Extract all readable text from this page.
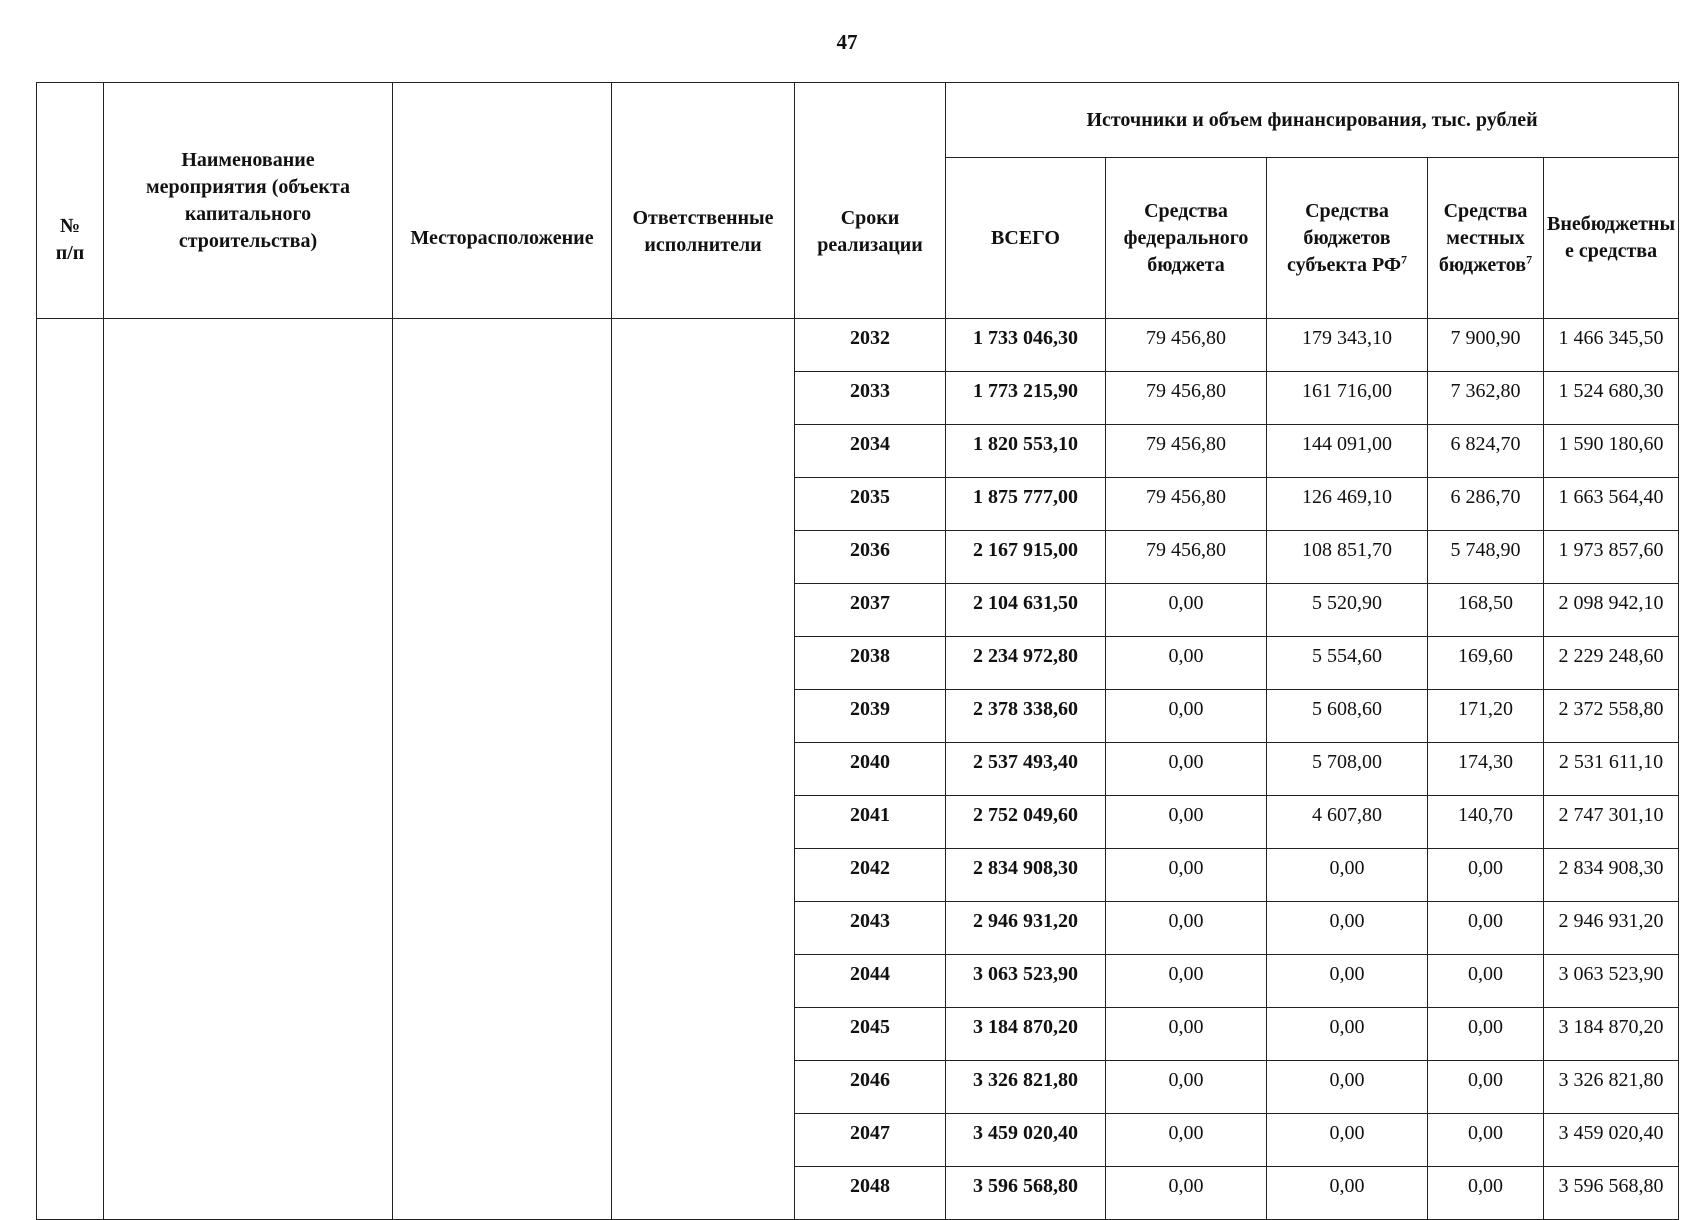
47
№
п/п	Наименование мероприятия (объекта капитального строительства)	Месторасположение	Ответственные исполнители	Сроки реализации	Источники и объем финансирования, тыс. рублей				
					ВСЕГО	Средства федерального бюджета	Средства бюджетов субъекта $РФ^7$	Средства местных бюджетов$^7$	Внебюджетные средства
				2032	1 733 046,30	79 456,80	179 343,10	7 900,90	1 466 345,50
				2033	1 773 215,90	79 456,80	161 716,00	7 362,80	1 524 680,30
				2034	1 820 553,10	79 456,80	144 091,00	6 824,70	1 590 180,60
				2035	1 875 777,00	79 456,80	126 469,10	6 286,70	1 663 564,40
				2036	2 167 915,00	79 456,80	108 851,70	5 748,90	1 973 857,60
				2037	2 104 631,50	0,00	5 520,90	168,50	2 098 942,10
				2038	2 234 972,80	0,00	5 554,60	169,60	2 229 248,60
				2039	2 378 338,60	0,00	5 608,60	171,20	2 372 558,80
				2040	2 537 493,40	0,00	5 708,00	174,30	2 531 611,10
				2041	2 752 049,60	0,00	4 607,80	140,70	2 747 301,10
				2042	2 834 908,30	0,00	0,00	0,00	2 834 908,30
				2043	2 946 931,20	0,00	0,00	0,00	2 946 931,20
				2044	3 063 523,90	0,00	0,00	0,00	3 063 523,90
				2045	3 184 870,20	0,00	0,00	0,00	3 184 870,20
				2046	3 326 821,80	0,00	0,00	0,00	3 326 821,80
				2047	3 459 020,40	0,00	0,00	0,00	3 459 020,40
				2048	3 596 568,80	0,00	0,00	0,00	3 596 568,80
